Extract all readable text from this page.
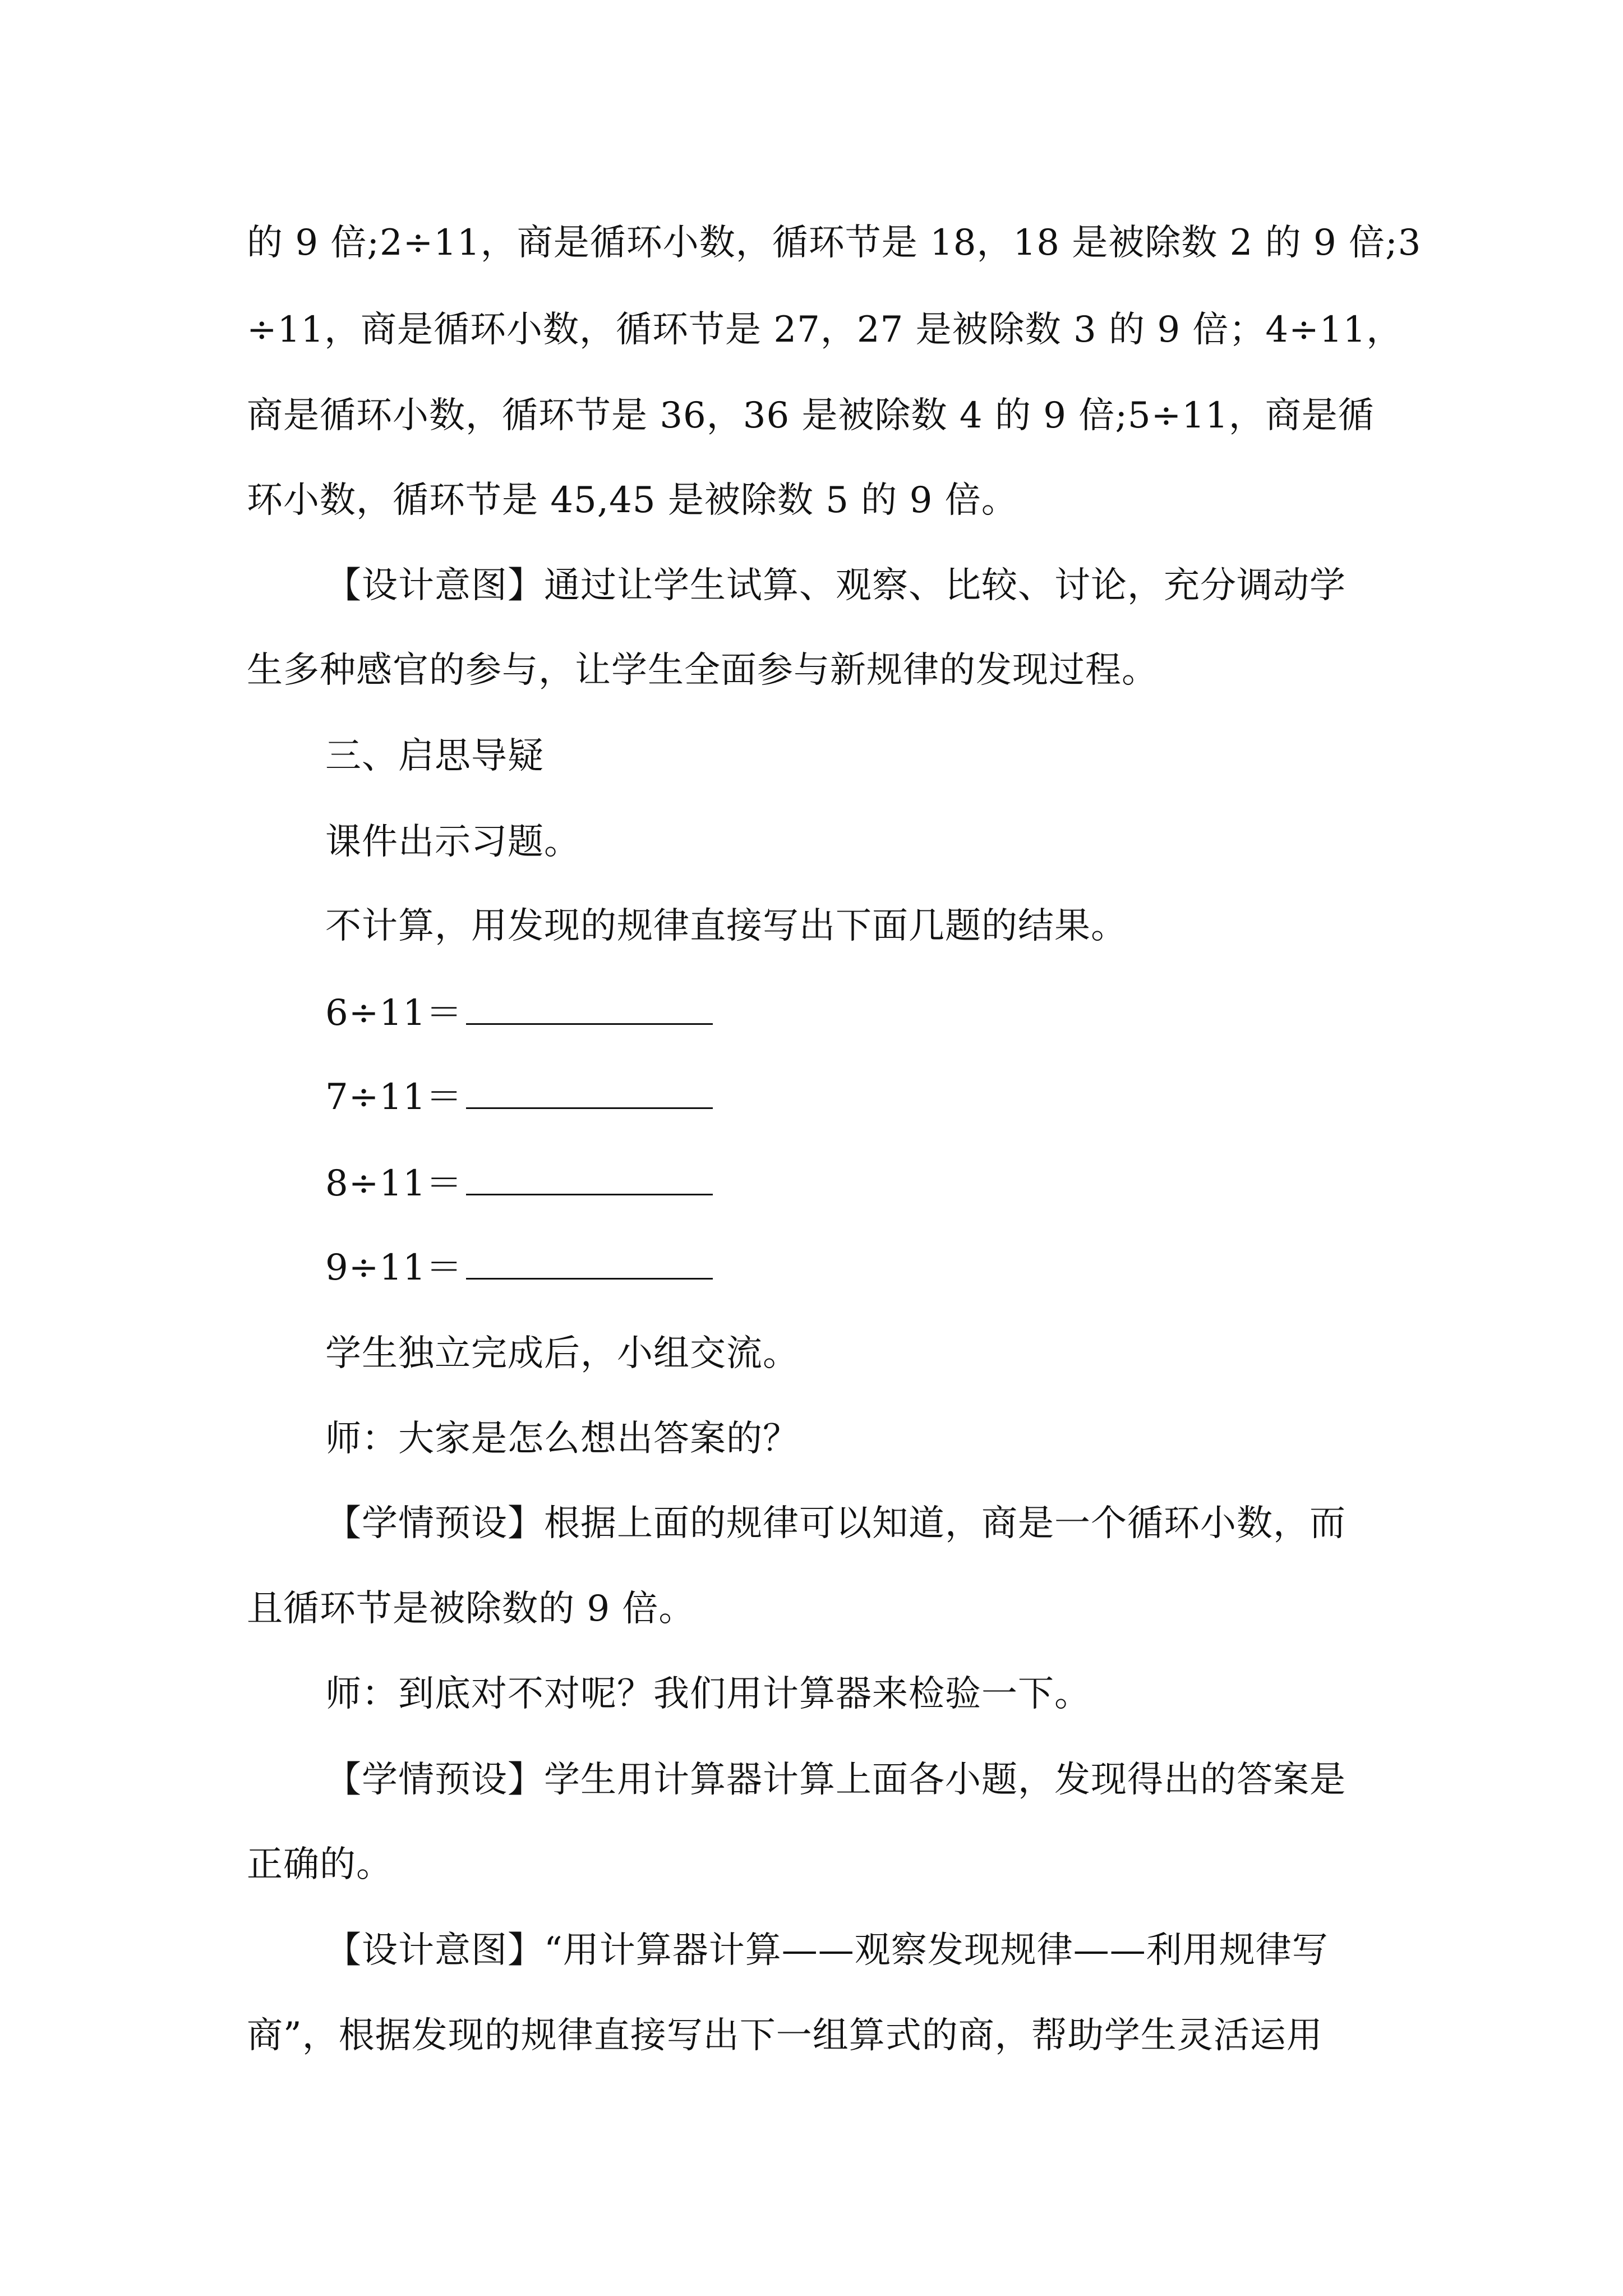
的 9 倍;2÷11，商是循环小数，循环节是 18，18 是被除数 2 的 9 倍;3
÷11，商是循环小数，循环节是 27，27 是被除数 3 的 9 倍；4÷11，
商是循环小数，循环节是 36，36 是被除数 4 的 9 倍;5÷11，商是循
环小数，循环节是 45,45 是被除数 5 的 9 倍。
【设计意图】通过让学生试算、观察、比较、讨论，充分调动学
生多种感官的参与，让学生全面参与新规律的发现过程。
三、启思导疑
课件出示习题。
不计算，用发现的规律直接写出下面几题的结果。
6÷11＝
7÷11＝
8÷11＝
9÷11＝
学生独立完成后，小组交流。
师：大家是怎么想出答案的？
【学情预设】根据上面的规律可以知道，商是一个循环小数，而
且循环节是被除数的 9 倍。
师：到底对不对呢？我们用计算器来检验一下。
【学情预设】学生用计算器计算上面各小题，发现得出的答案是
正确的。
【设计意图】“用计算器计算——观察发现规律——利用规律写
商”，根据发现的规律直接写出下一组算式的商，帮助学生灵活运用
